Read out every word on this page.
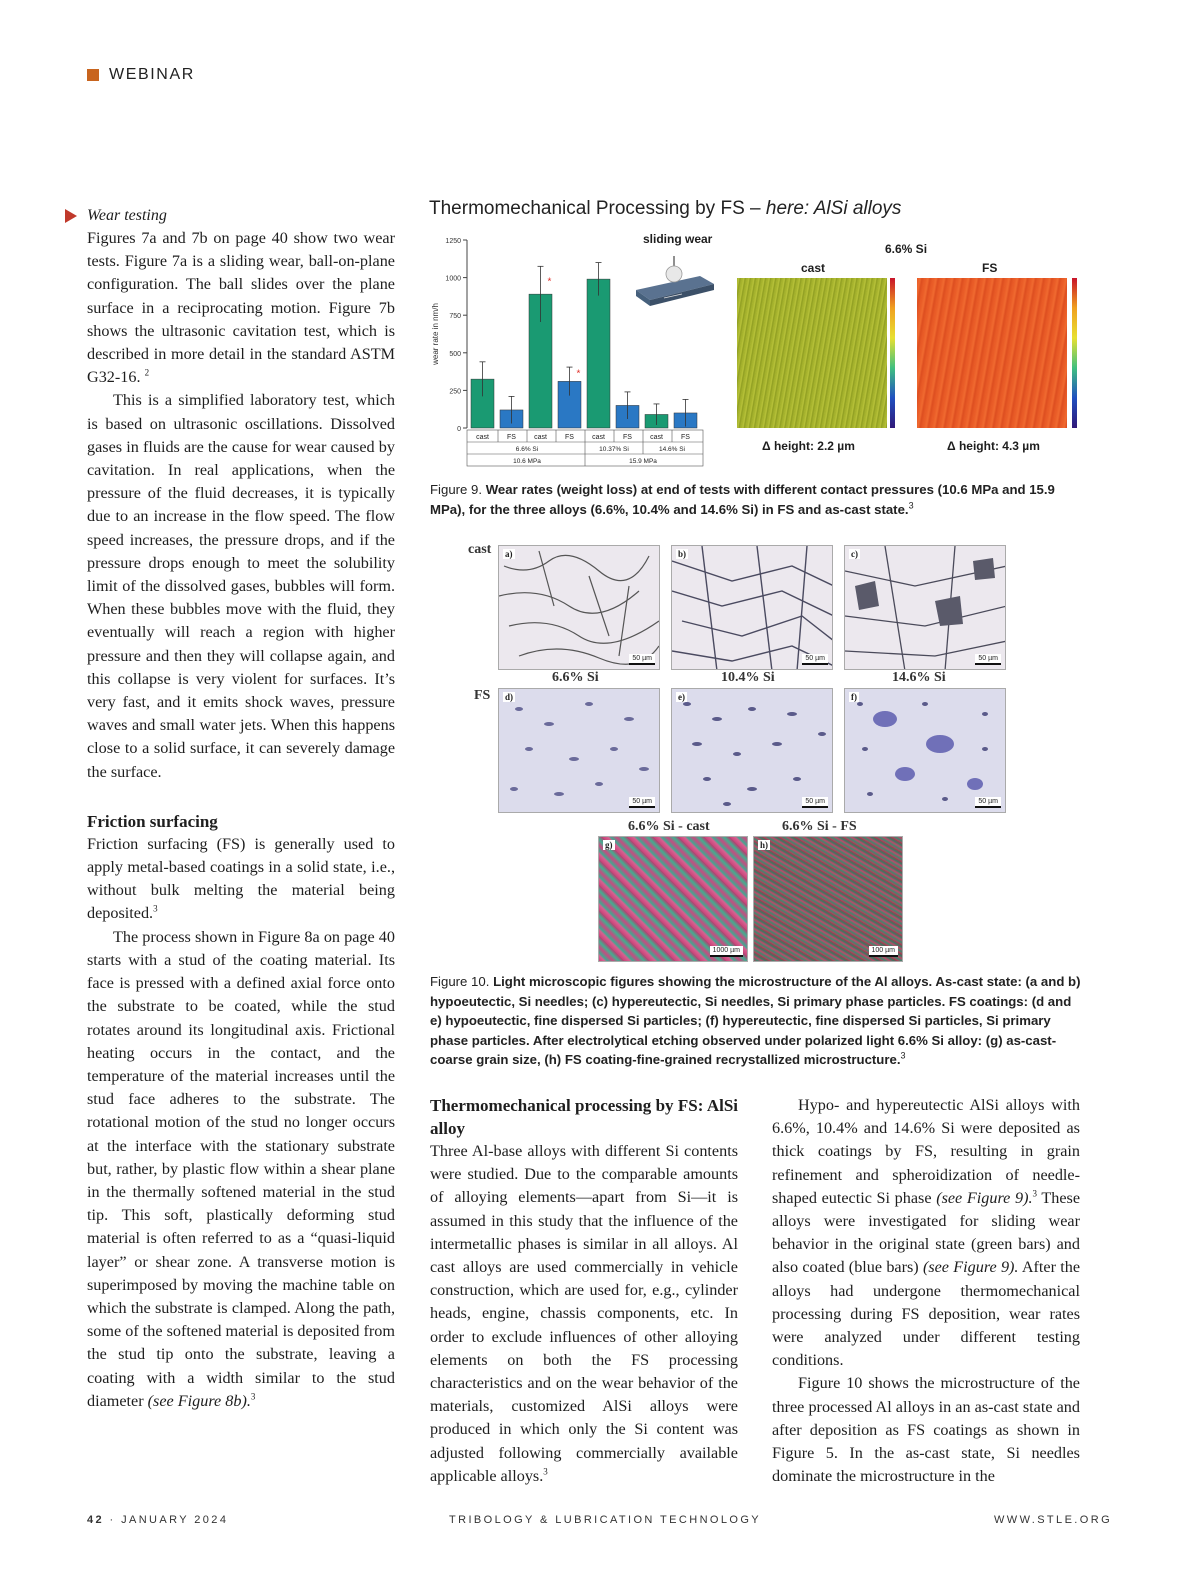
WEBINAR
Wear testing

Figures 7a and 7b on page 40 show two wear tests. Figure 7a is a sliding wear, ball-on-plane configuration. The ball slides over the plane surface in a reciprocating motion. Figure 7b shows the ultrasonic cavitation test, which is described in more detail in the standard ASTM G32-16. $^2$

This is a simplified laboratory test, which is based on ultrasonic oscillations. Dissolved gases in fluids are the cause for wear caused by cavitation. In real applications, when the pressure of the fluid decreases, it is typically due to an increase in the flow speed. The flow speed increases, the pressure drops, and if the pressure drops enough to meet the solubility limit of the dissolved gases, bubbles will form. When these bubbles move with the fluid, they eventually will reach a region with higher pressure and then they will collapse again, and this collapse is very violent for surfaces. It’s very fast, and it emits shock waves, pressure waves and small water jets. When this happens close to a solid surface, it can severely damage the surface.

Friction surfacing

Friction surfacing (FS) is generally used to apply metal-based coatings in a solid state, i.e., without bulk melting the material being deposited.$^3$

The process shown in Figure 8a on page 40 starts with a stud of the coating material. Its face is pressed with a defined axial force onto the substrate to be coated, while the stud rotates around its longitudinal axis. Frictional heating occurs in the contact, and the temperature of the material increases until the stud face adheres to the substrate. The rotational motion of the stud no longer occurs at the interface with the stationary substrate but, rather, by plastic flow within a shear plane in the thermally softened material in the stud tip. This soft, plastically deforming stud material is often referred to as a “quasi-liquid layer” or shear zone. A transverse motion is superimposed by moving the machine table on which the substrate is clamped. Along the path, some of the softened material is deposited from the stud tip onto the substrate, leaving a coating with a width similar to the stud diameter (see Figure 8b).$^3$

Thermomechanical Processing by FS – here: AlSi alloys
0
250
500
750
1000
1250
wear rate in nm/h
*
*
cast	FS	cast	FS	cast	FS	cast	FS
6.6% Si	10.37% Si	14.6% Si
10.6 MPa	15.9 MPa
sliding wear
6.6% Si
cast	FS
Δ height: 2.2 µm	Δ height: 4.3 µm
Figure 9. Wear rates (weight loss) at end of tests with different contact pressures (10.6 MPa and 15.9 MPa), for the three alloys (6.6%, 10.4% and 14.6% Si) in FS and as-cast state.$^3$
cast
FS
a)
50 µm
b)
50 µm
c)
50 µm
6.6% Si	10.4% Si	14.6% Si
d)
50 µm
e)
50 µm
f)
50 µm
6.6% Si - cast	6.6% Si - FS
g)
1000 µm
h)
100 µm
Figure 10. Light microscopic figures showing the microstructure of the Al alloys. As-cast state: (a and b) hypoeutectic, Si needles; (c) hypereutectic, Si needles, Si primary phase particles. FS coatings: (d and e) hypoeutectic, fine dispersed Si particles; (f) hypereutectic, fine dispersed Si particles, Si primary phase particles. After electrolytical etching observed under polarized light 6.6% Si alloy: (g) as-cast-coarse grain size, (h) FS coating-fine-grained recrystallized microstructure.$^3$
Thermomechanical processing by FS: AlSi alloy

Three Al-base alloys with different Si contents were studied. Due to the comparable amounts of alloying elements—apart from Si—it is assumed in this study that the influence of the intermetallic phases is similar in all alloys. Al cast alloys are used commercially in vehicle construction, which are used for, e.g., cylinder heads, engine, chassis components, etc. In order to exclude influences of other alloying elements on both the FS processing characteristics and on the wear behavior of the materials, customized AlSi alloys were produced in which only the Si content was adjusted following commercially available applicable alloys.$^3$

Hypo- and hypereutectic AlSi alloys with 6.6%, 10.4% and 14.6% Si were deposited as thick coatings by FS, resulting in grain refinement and spheroidization of needle-shaped eutectic Si phase (see Figure 9).$^3$ These alloys were investigated for sliding wear behavior in the original state (green bars) and also coated (blue bars) (see Figure 9). After the alloys had undergone thermomechanical processing during FS deposition, wear rates were analyzed under different testing conditions.

Figure 10 shows the microstructure of the three processed Al alloys in an as-cast state and after deposition as FS coatings as shown in Figure 5. In the as-cast state, Si needles dominate the microstructure in the

42 · JANUARY 2024	TRIBOLOGY & LUBRICATION TECHNOLOGY	WWW.STLE.ORG
